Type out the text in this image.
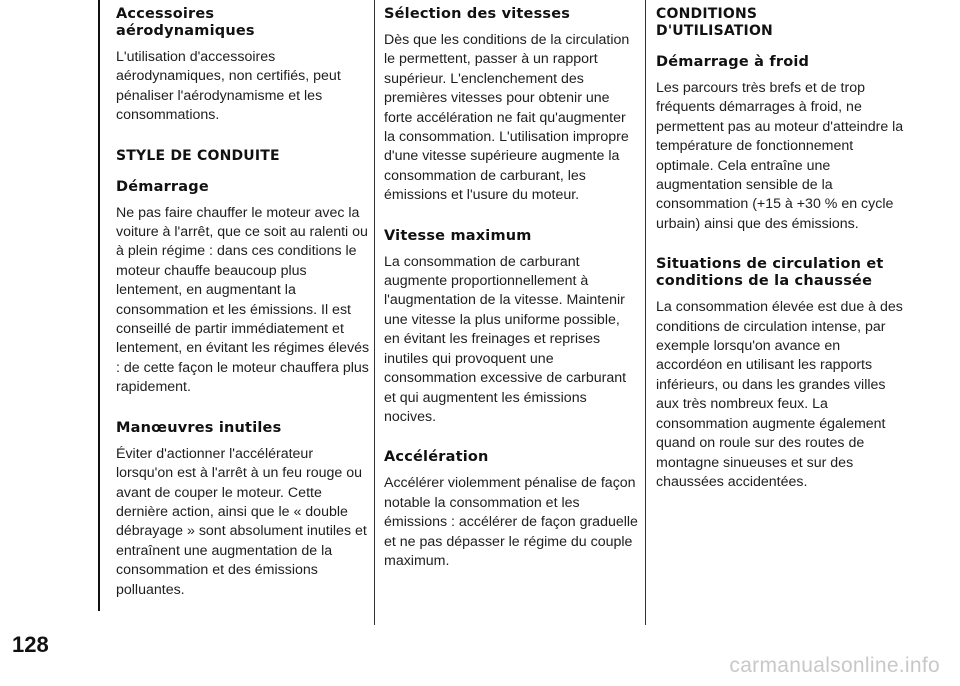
128
Accessoires aérodynamiques

L'utilisation d'accessoires aérodynamiques, non certifiés, peut pénaliser l'aérodynamisme et les consommations.

STYLE DE CONDUITE
Démarrage

Ne pas faire chauffer le moteur avec la voiture à l'arrêt, que ce soit au ralenti ou à plein régime : dans ces conditions le moteur chauffe beaucoup plus lentement, en augmentant la consommation et les émissions. Il est conseillé de partir immédiatement et lentement, en évitant les régimes élevés : de cette façon le moteur chauffera plus rapidement.

Manœuvres inutiles

Éviter d'actionner l'accélérateur lorsqu'on est à l'arrêt à un feu rouge ou avant de couper le moteur. Cette dernière action, ainsi que le « double débrayage » sont absolument inutiles et entraînent une augmentation de la consommation et des émissions polluantes.

Sélection des vitesses

Dès que les conditions de la circulation le permettent, passer à un rapport supérieur. L'enclenchement des premières vitesses pour obtenir une forte accélération ne fait qu'augmenter la consommation. L'utilisation impropre d'une vitesse supérieure augmente la consommation de carburant, les émissions et l'usure du moteur.

Vitesse maximum

La consommation de carburant augmente proportionnellement à l'augmentation de la vitesse. Maintenir une vitesse la plus uniforme possible, en évitant les freinages et reprises inutiles qui provoquent une consommation excessive de carburant et qui augmentent les émissions nocives.

Accélération

Accélérer violemment pénalise de façon notable la consommation et les émissions : accélérer de façon graduelle et ne pas dépasser le régime du couple maximum.

CONDITIONS D'UTILISATION
Démarrage à froid

Les parcours très brefs et de trop fréquents démarrages à froid, ne permettent pas au moteur d'atteindre la température de fonctionnement optimale. Cela entraîne une augmentation sensible de la consommation (+15 à +30 % en cycle urbain) ainsi que des émissions.

Situations de circulation et conditions de la chaussée

La consommation élevée est due à des conditions de circulation intense, par exemple lorsqu'on avance en accordéon en utilisant les rapports inférieurs, ou dans les grandes villes aux très nombreux feux. La consommation augmente également quand on roule sur des routes de montagne sinueuses et sur des chaussées accidentées.

carmanualsonline.info
